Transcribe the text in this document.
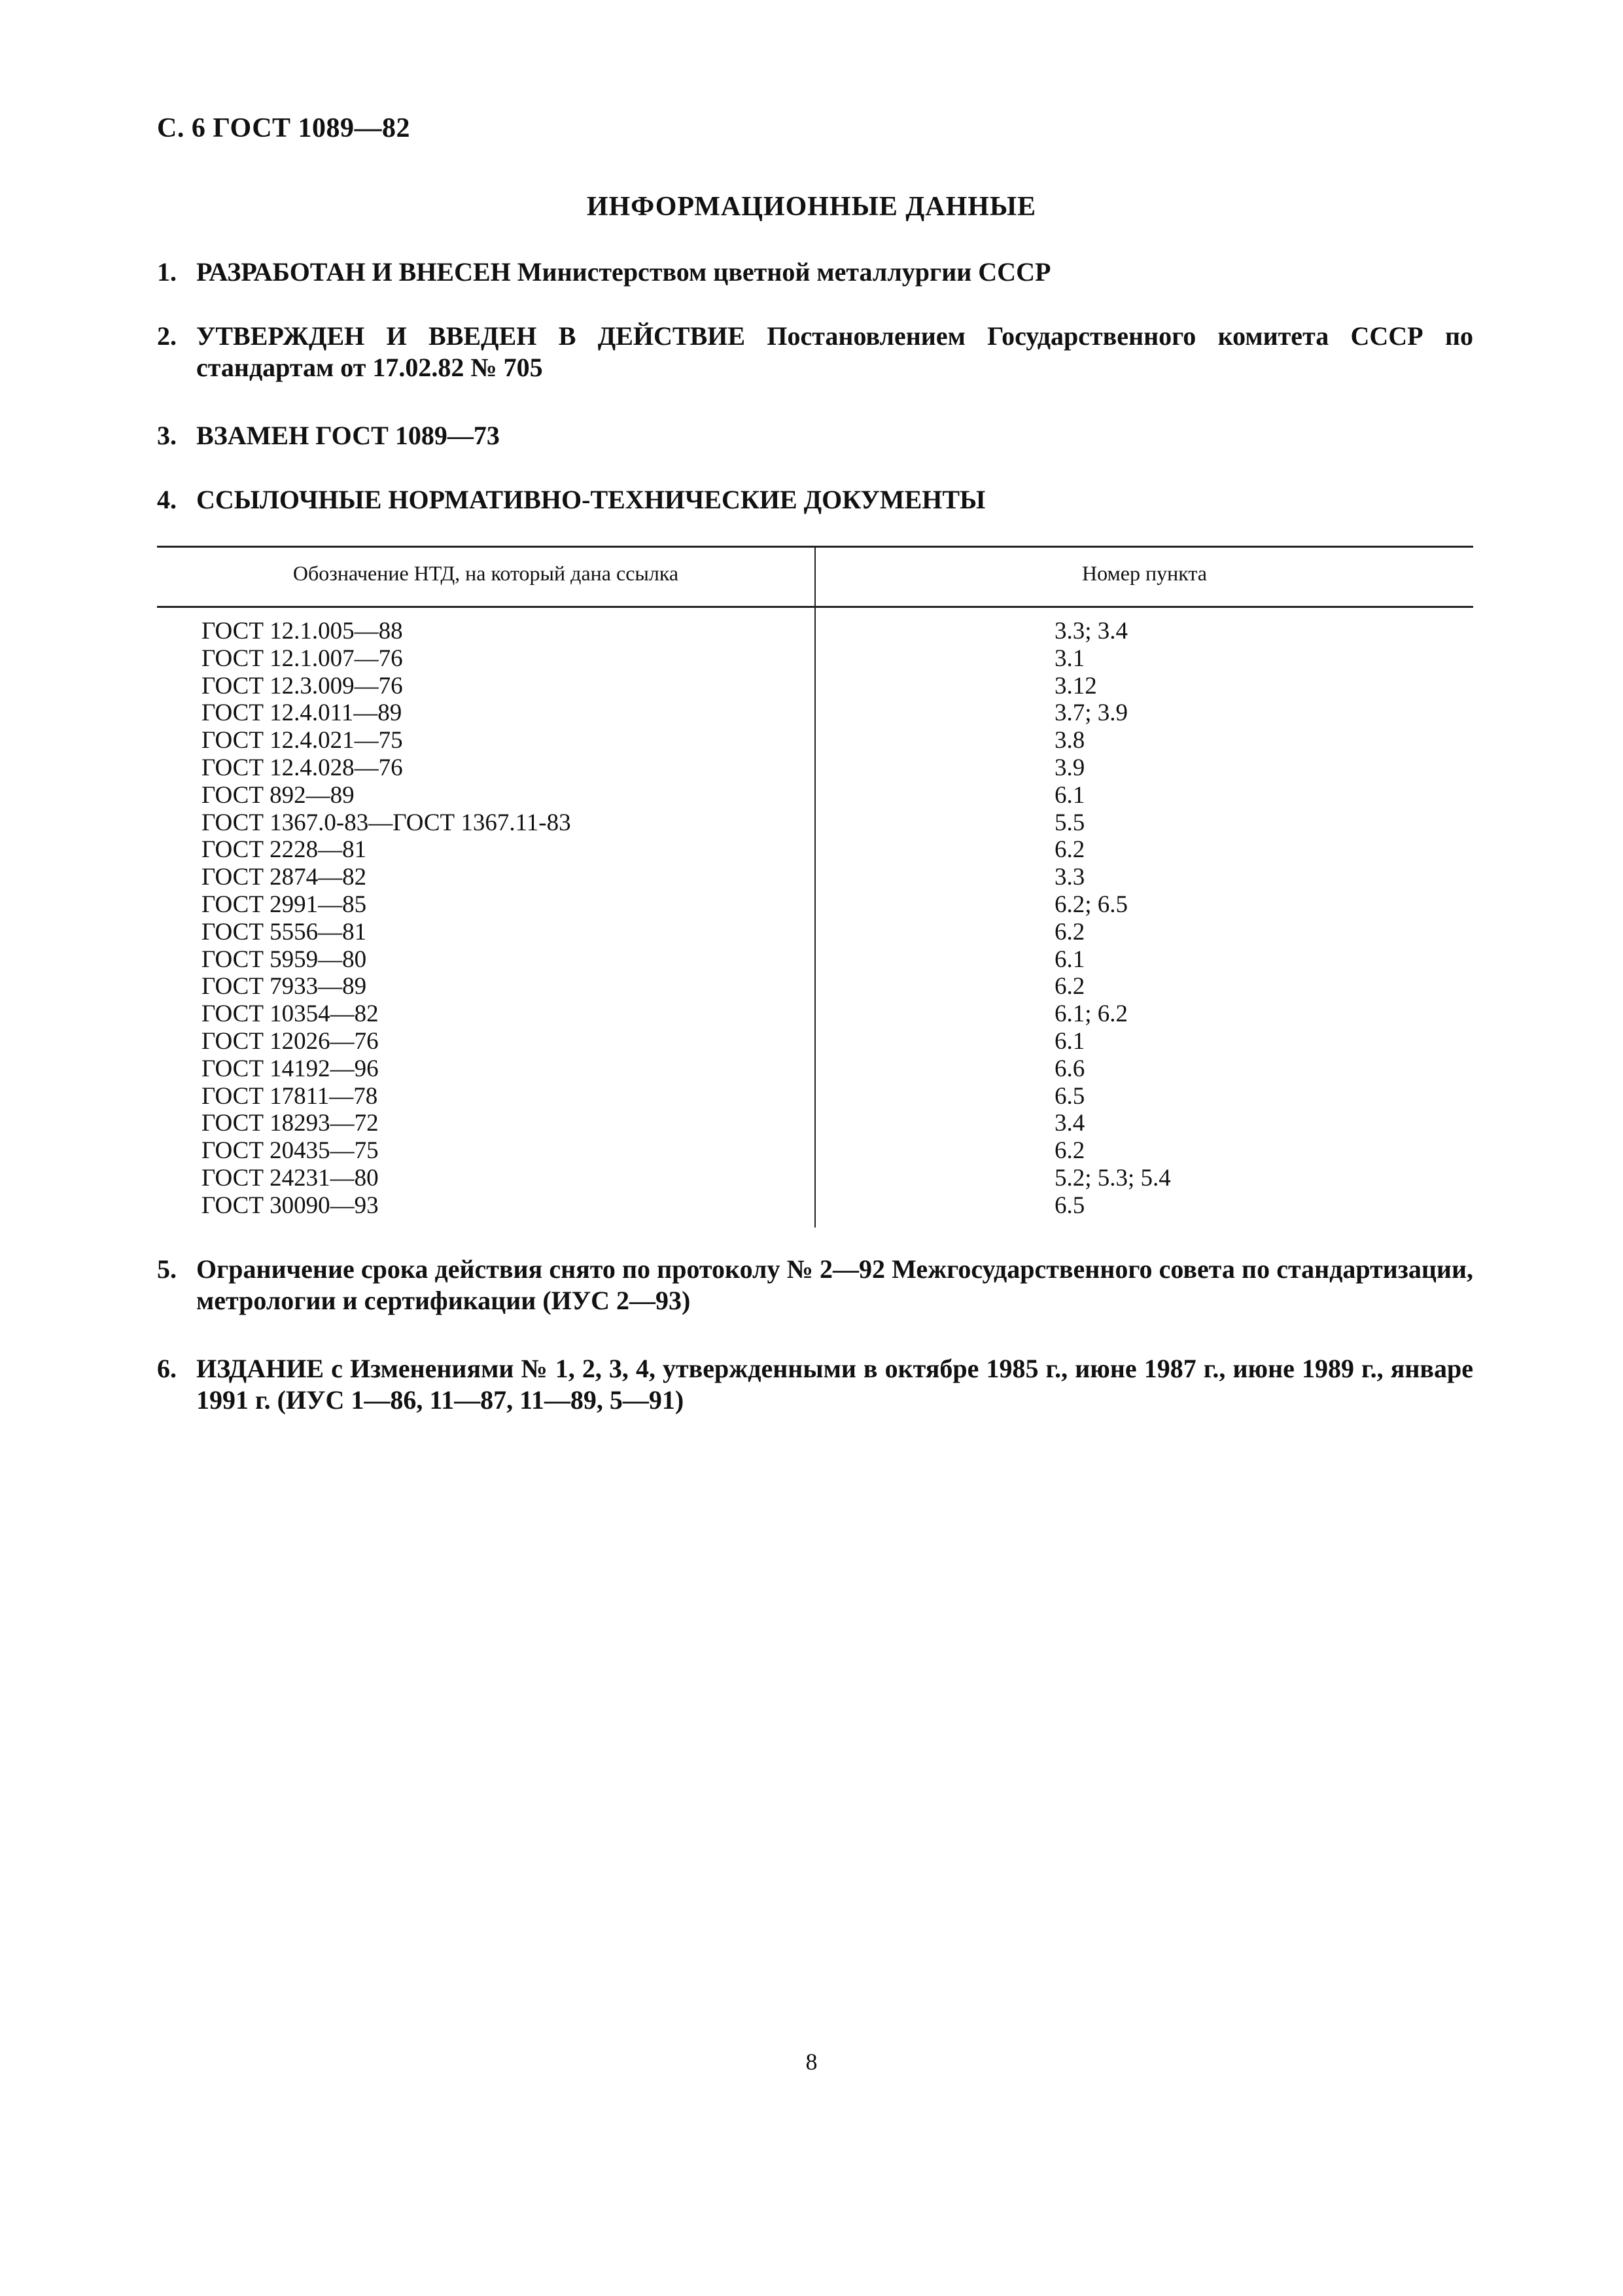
С. 6 ГОСТ 1089—82
ИНФОРМАЦИОННЫЕ ДАННЫЕ
1. РАЗРАБОТАН И ВНЕСЕН Министерством цветной металлургии СССР
2. УТВЕРЖДЕН И ВВЕДЕН В ДЕЙСТВИЕ Постановлением Государственного комитета СССР по стандартам от 17.02.82 № 705
3. ВЗАМЕН ГОСТ 1089—73
4. ССЫЛОЧНЫЕ НОРМАТИВНО-ТЕХНИЧЕСКИЕ ДОКУМЕНТЫ
Обозначение НТД, на который дана ссылка	Номер пункта
ГОСТ 12.1.005—88	3.3; 3.4
ГОСТ 12.1.007—76	3.1
ГОСТ 12.3.009—76	3.12
ГОСТ 12.4.011—89	3.7; 3.9
ГОСТ 12.4.021—75	3.8
ГОСТ 12.4.028—76	3.9
ГОСТ 892—89	6.1
ГОСТ 1367.0-83—ГОСТ 1367.11-83	5.5
ГОСТ 2228—81	6.2
ГОСТ 2874—82	3.3
ГОСТ 2991—85	6.2; 6.5
ГОСТ 5556—81	6.2
ГОСТ 5959—80	6.1
ГОСТ 7933—89	6.2
ГОСТ 10354—82	6.1; 6.2
ГОСТ 12026—76	6.1
ГОСТ 14192—96	6.6
ГОСТ 17811—78	6.5
ГОСТ 18293—72	3.4
ГОСТ 20435—75	6.2
ГОСТ 24231—80	5.2; 5.3; 5.4
ГОСТ 30090—93	6.5
5. Ограничение срока действия снято по протоколу № 2—92 Межгосударственного совета по стандартизации, метрологии и сертификации (ИУС 2—93)
6. ИЗДАНИЕ с Изменениями № 1, 2, 3, 4, утвержденными в октябре 1985 г., июне 1987 г., июне 1989 г., январе 1991 г. (ИУС 1—86, 11—87, 11—89, 5—91)
8
